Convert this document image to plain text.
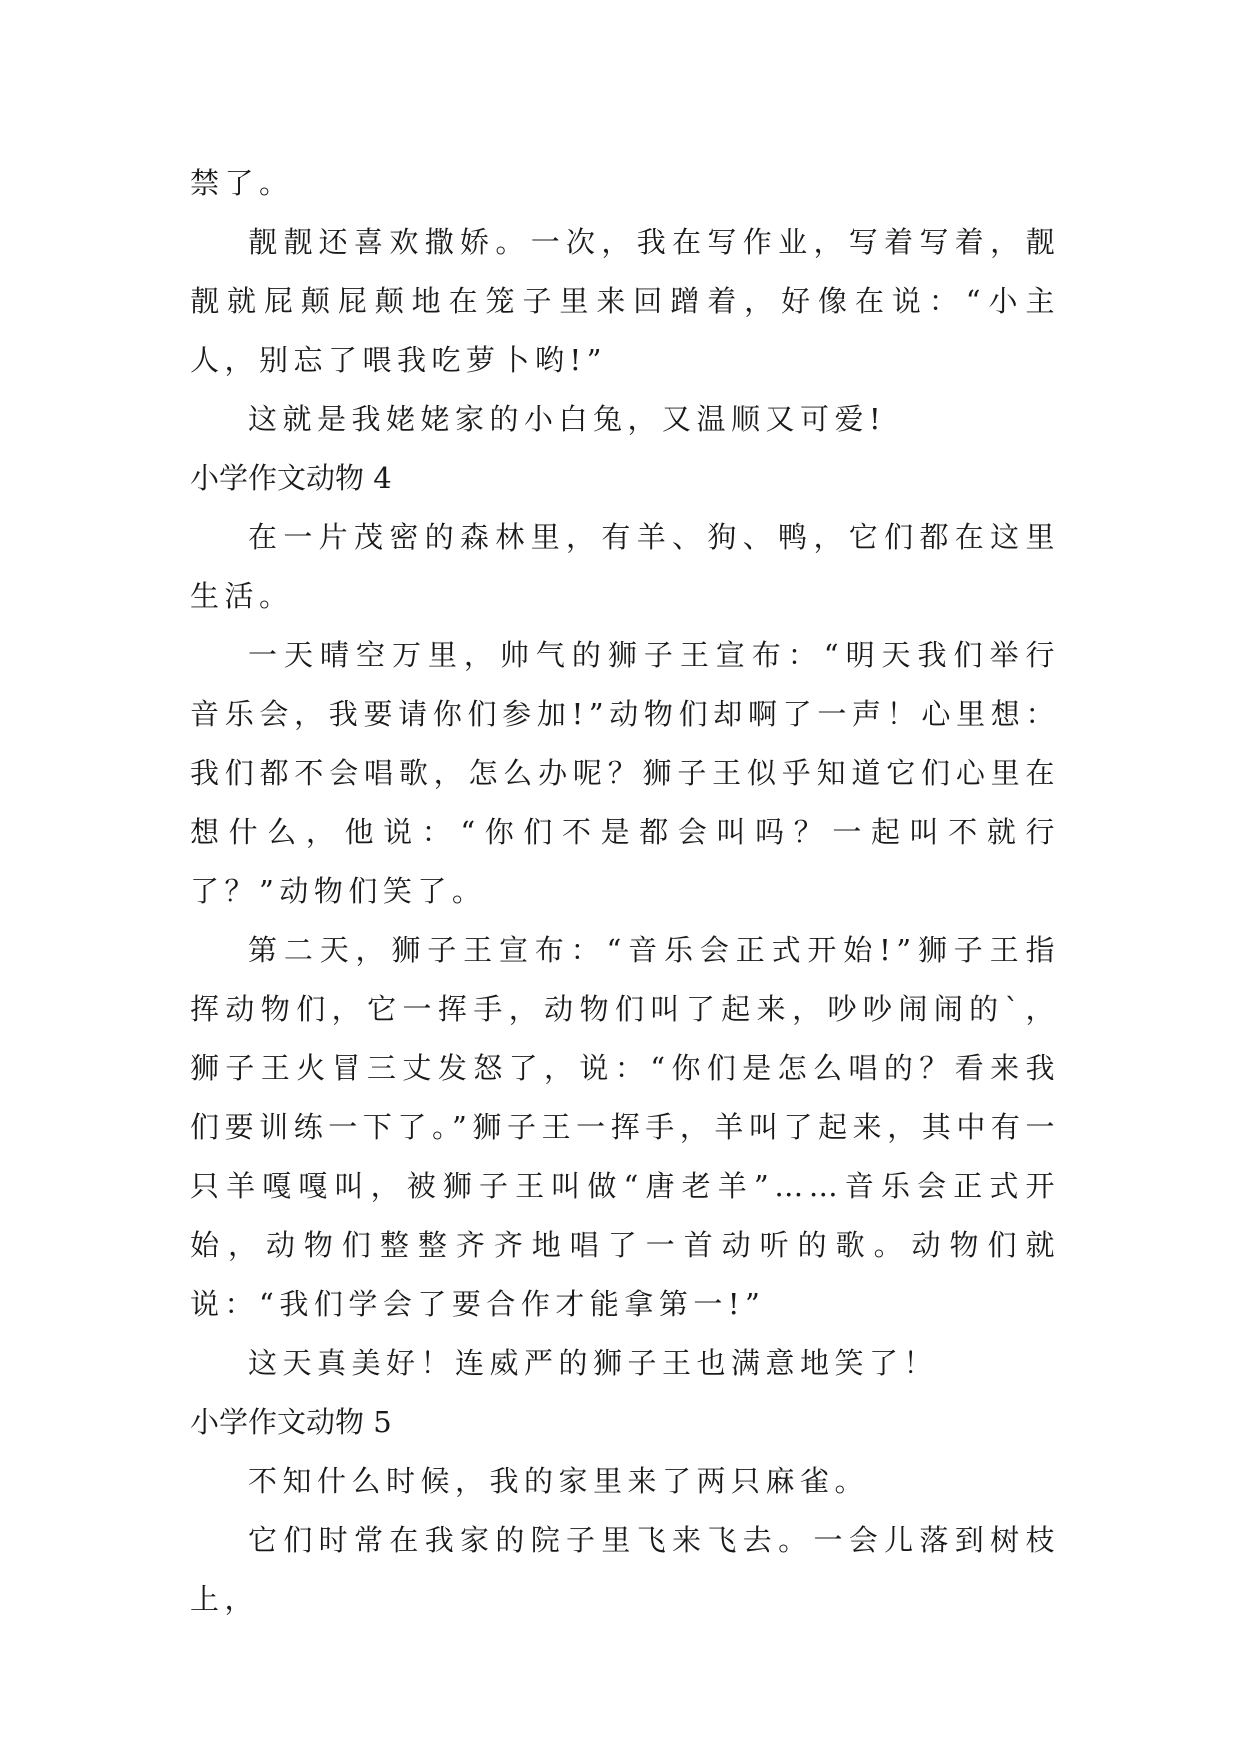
禁了。

靓靓还喜欢撒娇。一次，我在写作业，写着写着，靓靓就屁颠屁颠地在笼子里来回蹭着，好像在说：“小主人，别忘了喂我吃萝卜哟!”

这就是我姥姥家的小白兔，又温顺又可爱!

小学作文动物 4

在一片茂密的森林里，有羊、狗、鸭，它们都在这里生活。

一天晴空万里，帅气的狮子王宣布：“明天我们举行音乐会，我要请你们参加!”动物们却啊了一声！心里想：我们都不会唱歌，怎么办呢？狮子王似乎知道它们心里在想什么，他说：“你们不是都会叫吗？一起叫不就行了？”动物们笑了。

第二天，狮子王宣布：“音乐会正式开始!”狮子王指挥动物们，它一挥手，动物们叫了起来，吵吵闹闹的`，狮子王火冒三丈发怒了，说：“你们是怎么唱的？看来我们要训练一下了。”狮子王一挥手，羊叫了起来，其中有一只羊嘎嘎叫，被狮子王叫做“唐老羊”……音乐会正式开始，动物们整整齐齐地唱了一首动听的歌。动物们就说：“我们学会了要合作才能拿第一!”

这天真美好！连威严的狮子王也满意地笑了！

小学作文动物 5

不知什么时候，我的家里来了两只麻雀。

它们时常在我家的院子里飞来飞去。一会儿落到树枝上，
